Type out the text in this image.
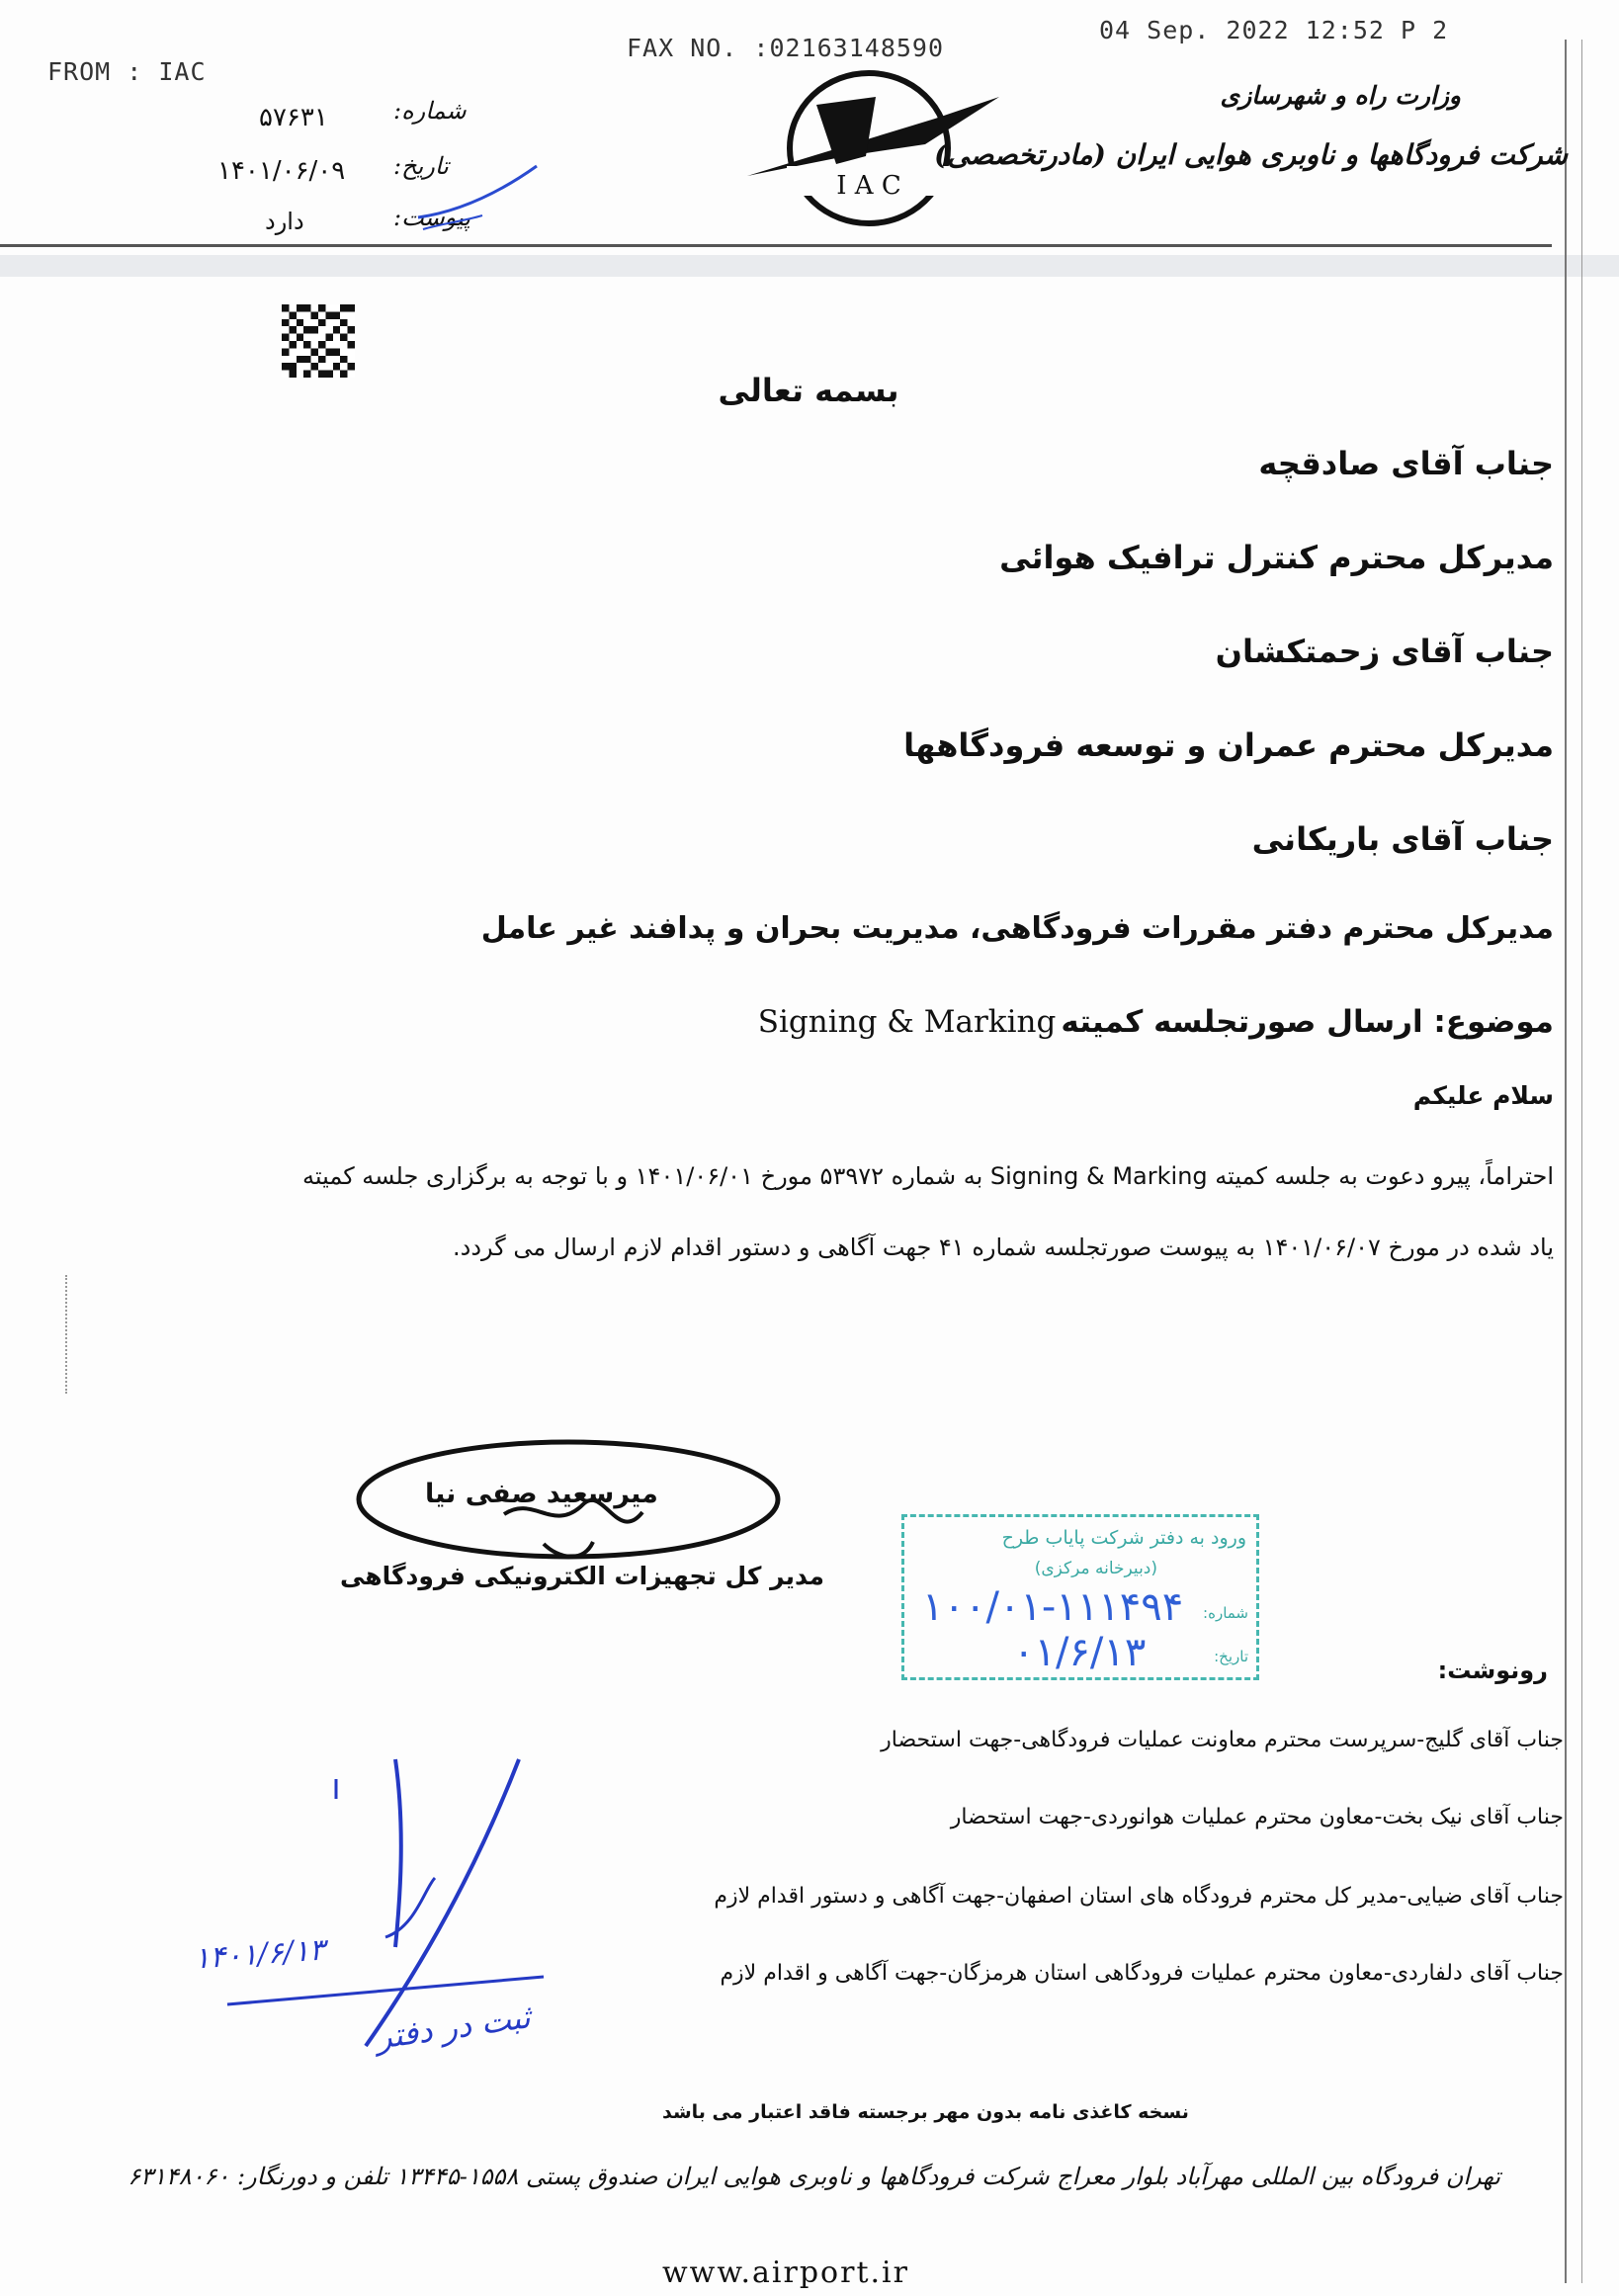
FROM : IAC
FAX NO. :02163148590
04 Sep. 2022 12:52 P 2
شماره:
۵۷۶۳۱
تاریخ:
۱۴۰۱/۰۶/۰۹
پیوست:
دارد
I A C
وزارت راه و شهرسازی
شرکت فرودگاهها و ناوبری هوایی ایران (مادرتخصصی)
بسمه تعالی
جناب آقای صادقچه
مدیرکل محترم کنترل ترافیک هوائی
جناب آقای زحمتکشان
مدیرکل محترم عمران و توسعه فرودگاهها
جناب آقای باریکانی
مدیرکل محترم دفتر مقررات فرودگاهی، مدیریت بحران و پدافند غیر عامل
موضوع: ارسال صورتجلسه کمیته Signing & Marking
سلام علیکم
احتراماً، پیرو دعوت به جلسه کمیته Signing & Marking به شماره ۵۳۹۷۲ مورخ ۱۴۰۱/۰۶/۰۱ و با توجه به برگزاری جلسه کمیته
یاد شده در مورخ ۱۴۰۱/۰۶/۰۷ به پیوست صورتجلسه شماره ۴۱ جهت آگاهی و دستور اقدام لازم ارسال می گردد.
میرسعید صفی نیا
مدیر کل تجهیزات الکترونیکی فرودگاهی
ورود به دفتر شرکت پایاب طرح
(دبیرخانه مرکزی)
شماره:
۱۰۰/۰۱-۱۱۱۴۹۴
تاریخ:
۰۱/۶/۱۳	رونوشت:
جناب آقای گلیج-سرپرست محترم معاونت عملیات فرودگاهی-جهت استحضار
جناب آقای نیک بخت-معاون محترم عملیات هوانوردی-جهت استحضار
جناب آقای ضیایی-مدیر کل محترم فرودگاه های استان اصفهان-جهت آگاهی و دستور اقدام لازم
جناب آقای دلفاردی-معاون محترم عملیات فرودگاهی استان هرمزگان-جهت آگاهی و اقدام لازم
۱۴۰۱/۶/۱۳
ثبت در دفتر
نسخه کاغذی نامه بدون مهر برجسته فاقد اعتبار می باشد
تهران فرودگاه بین المللی مهرآباد بلوار معراج شرکت فرودگاهها و ناوبری هوایی ایران صندوق پستی ۱۵۵۸-۱۳۴۴۵ تلفن و دورنگار: ۶۳۱۴۸۰۶۰
www.airport.ir
